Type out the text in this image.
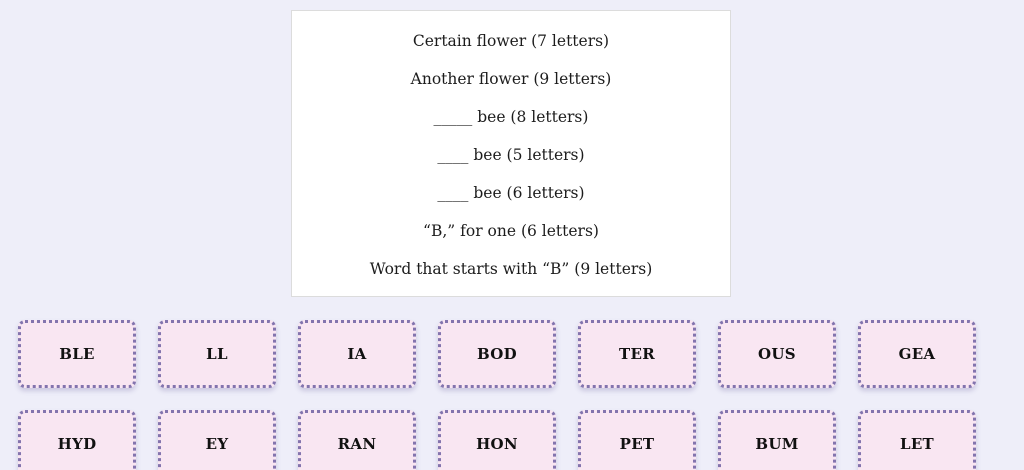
Certain flower (7 letters)
Another flower (9 letters)
_____ bee (8 letters)
____ bee (5 letters)
____ bee (6 letters)
“B,” for one (6 letters)
Word that starts with “B” (9 letters)
BLE	LL	IA	BOD	TER	OUS	GEA
HYD	EY	RAN	HON	PET	BUM	LET
